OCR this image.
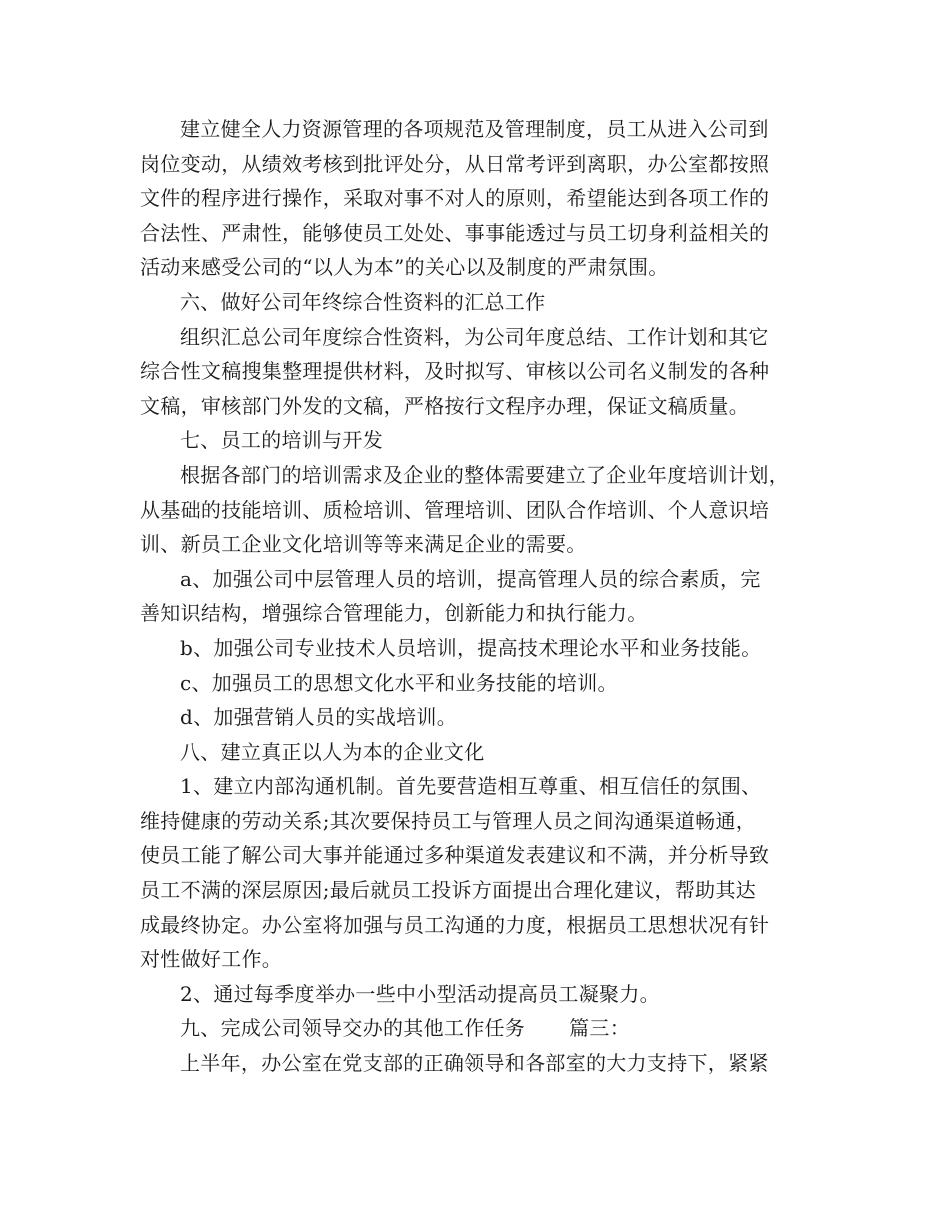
建立健全人力资源管理的各项规范及管理制度，员工从进入公司到
岗位变动，从绩效考核到批评处分，从日常考评到离职，办公室都按照
文件的程序进行操作，采取对事不对人的原则，希望能达到各项工作的
合法性、严肃性，能够使员工处处、事事能透过与员工切身利益相关的
活动来感受公司的“以人为本”的关心以及制度的严肃氛围。

六、做好公司年终综合性资料的汇总工作

组织汇总公司年度综合性资料，为公司年度总结、工作计划和其它
综合性文稿搜集整理提供材料，及时拟写、审核以公司名义制发的各种
文稿，审核部门外发的文稿，严格按行文程序办理，保证文稿质量。

七、员工的培训与开发

根据各部门的培训需求及企业的整体需要建立了企业年度培训计划，
从基础的技能培训、质检培训、管理培训、团队合作培训、个人意识培
训、新员工企业文化培训等等来满足企业的需要。

a、加强公司中层管理人员的培训，提高管理人员的综合素质，完
善知识结构，增强综合管理能力，创新能力和执行能力。

b、加强公司专业技术人员培训，提高技术理论水平和业务技能。

c、加强员工的思想文化水平和业务技能的培训。

d、加强营销人员的实战培训。

八、建立真正以人为本的企业文化

1、建立内部沟通机制。首先要营造相互尊重、相互信任的氛围、
维持健康的劳动关系;其次要保持员工与管理人员之间沟通渠道畅通，
使员工能了解公司大事并能通过多种渠道发表建议和不满，并分析导致
员工不满的深层原因;最后就员工投诉方面提出合理化建议，帮助其达
成最终协定。办公室将加强与员工沟通的力度，根据员工思想状况有针
对性做好工作。

2、通过每季度举办一些中小型活动提高员工凝聚力。

九、完成公司领导交办的其他工作任务 篇三：

上半年，办公室在党支部的正确领导和各部室的大力支持下，紧紧
